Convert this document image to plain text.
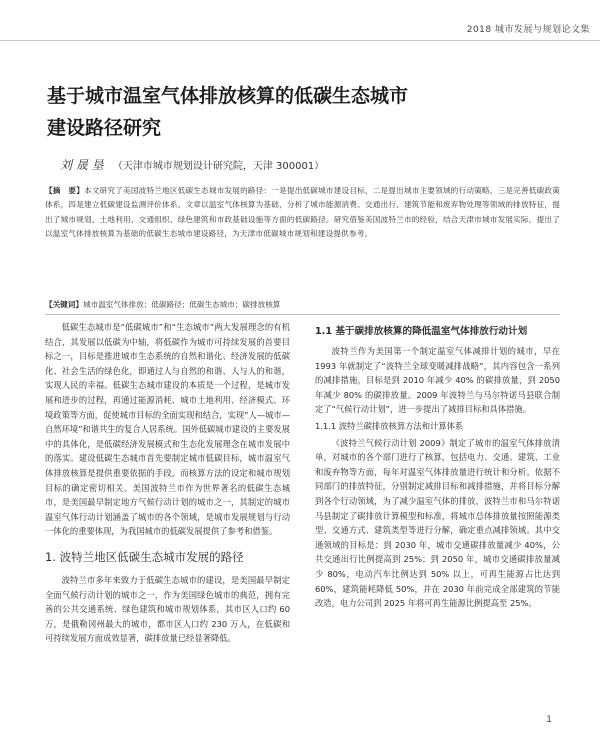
2018 城市发展与规划论文集
基于城市温室气体排放核算的低碳生态城市
建设路径研究
刘 晟 垦 （天津市城市规划设计研究院，天津 300001）
【摘　要】本文研究了美国波特兰地区低碳生态城市发展的路径：一是提出低碳城市建设目标，二是提出城市主要领域的行动策略，三是完善低碳政策体系，四是建立低碳建设监测评价体系。文章以温室气体核算为基础，分析了城市能源消费、交通出行、建筑节能和废弃物处理等领域的排放特征，提出了城市规划、土地利用、交通组织、绿色建筑和市政基础设施等方面的低碳路径。研究借鉴美国波特兰市的经验，结合天津市城市发展实际，提出了以温室气体排放核算为基础的低碳生态城市建设路径，为天津市低碳城市规划和建设提供参考。
【关键词】城市温室气体排放；低碳路径；低碳生态城市；碳排放核算

低碳生态城市是“低碳城市”和“生态城市”两大发展理念的有机结合，其发展以低碳为中轴，将低碳作为城市可持续发展的首要目标之一，目标是推进城市生态系统的自然和谐化、经济发展的低碳化、社会生活的绿色化，即通过人与自然的和谐、人与人的和谐，实现人民的幸福。低碳生态城市建设的本质是一个过程，是城市发展和进步的过程，再通过能源消耗、城市土地利用、经济模式、环境政策等方面，促使城市目标的全面实现和结合，实现“人—城市—自然环境”和谐共生的复合人居系统。国外低碳城市建设的主要发展中的具体化，是低碳经济发展模式和生态化发展理念在城市发展中的落实。建设低碳生态城市首先要制定城市低碳目标，城市温室气体排放核算是提供重要依据的手段，而核算方法的设定和城市规划目标的确定密切相关。美国波特兰市作为世界著名的低碳生态城市，是美国最早制定地方气候行动计划的城市之一，其制定的城市温室气体行动计划涵盖了城市的各个领域，是城市发展规划与行动一体化的重要体现，为我国城市的低碳发展提供了参考和借鉴。

1. 波特兰地区低碳生态城市发展的路径

波特兰市多年来致力于低碳生态城市的建设，是美国最早制定全面气候行动计划的城市之一，作为美国绿色城市的典范，拥有完善的公共交通系统、绿色建筑和城市规划体系，其市区人口约 60 万，是俄勒冈州最大的城市，都市区人口约 230 万人，在低碳和可持续发展方面成效显著，碳排放量已经显著降低。

1.1 基于碳排放核算的降低温室气体排放行动计划

波特兰作为美国第一个制定温室气体减排计划的城市，早在 1993 年就制定了“波特兰全球变暖减排战略”，其内容包含一系列的减排措施，目标是到 2010 年减少 40% 的碳排放量，到 2050 年减少 80% 的碳排放量。2009 年波特兰与马尔特诺马县联合制定了“气候行动计划”，进一步提出了减排目标和具体措施。

1.1.1 波特兰碳排放核算方法和计算体系

《波特兰气候行动计划 2009》制定了城市的温室气体排放清单，对城市的各个部门进行了核算，包括电力、交通、建筑、工业和废弃物等方面，每年对温室气体排放量进行统计和分析。依据不同部门的排放特征，分别制定减排目标和减排措施，并将目标分解到各个行动领域，为了减少温室气体的排放，波特兰市和马尔特诺马县制定了碳排放计算模型和标准，将城市总体排放量按照能源类型、交通方式、建筑类型等进行分解，确定重点减排领域。其中交通领域的目标是：到 2030 年，城市交通碳排放量减少 40%，公共交通出行比例提高到 25%；到 2050 年，城市交通碳排放量减少 80%，电动汽车比例达到 50% 以上，可再生能源占比达到 60%，建筑能耗降低 50%，并在 2030 年前完成全部建筑的节能改造，电力公司到 2025 年将可再生能源比例提高至 25%。

1
